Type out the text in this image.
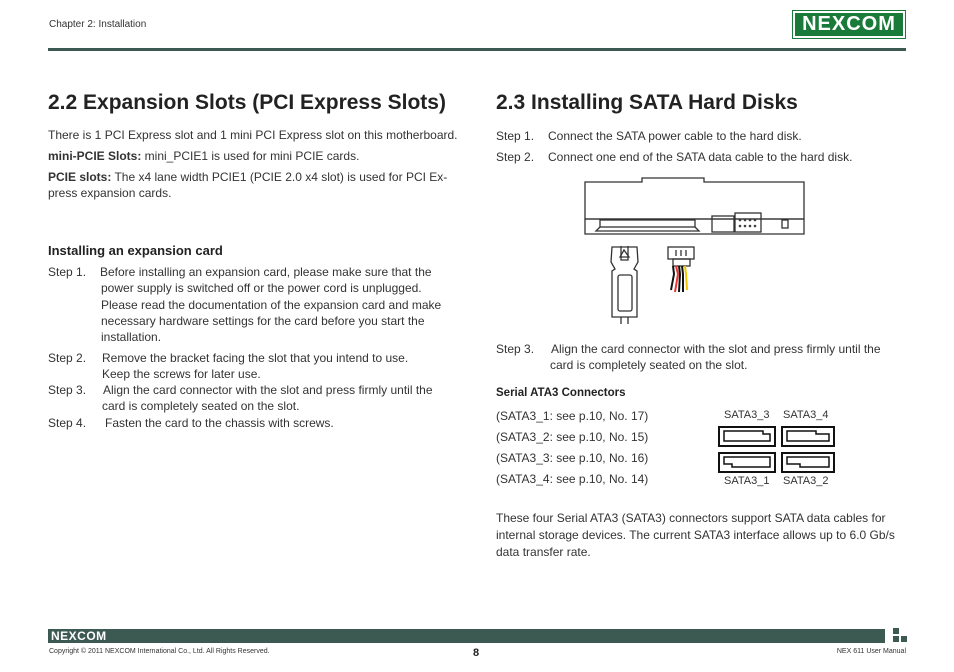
Chapter 2: Installation	NEXCOM
2.2 Expansion Slots (PCI Express Slots)
There is 1 PCI Express slot and 1 mini PCI Express slot on this motherboard.
mini-PCIE Slots: mini_PCIE1 is used for mini PCIE cards.
PCIE slots: The x4 lane width PCIE1 (PCIE 2.0 x4 slot) is used for PCI Ex-
press expansion cards.
Installing an expansion card
Step 1. Before installing an expansion card, please make sure that the
power supply is switched off or the power cord is unplugged.
Please read the documentation of the expansion card and make
necessary hardware settings for the card before you start the
installation.
Step 2. Remove the bracket facing the slot that you intend to use.
Keep the screws for later use.
Step 3. Align the card connector with the slot and press firmly until the
card is completely seated on the slot.
Step 4. Fasten the card to the chassis with screws.
2.3 Installing SATA Hard Disks
Step 1. Connect the SATA power cable to the hard disk.
Step 2. Connect one end of the SATA data cable to the hard disk.
Step 3. Align the card connector with the slot and press firmly until the
card is completely seated on the slot.
Serial ATA3 Connectors
(SATA3_1: see p.10, No. 17)
(SATA3_2: see p.10, No. 15)
(SATA3_3: see p.10, No. 16)
(SATA3_4: see p.10, No. 14)
SATA3_3 SATA3_4
SATA3_1 SATA3_2
These four Serial ATA3 (SATA3) connectors support SATA data cables for
internal storage devices. The current SATA3 interface allows up to 6.0 Gb/s
data transfer rate.
NEXCOM
Copyright © 2011 NEXCOM International Co., Ltd. All Rights Reserved.	8	NEX 611 User Manual
